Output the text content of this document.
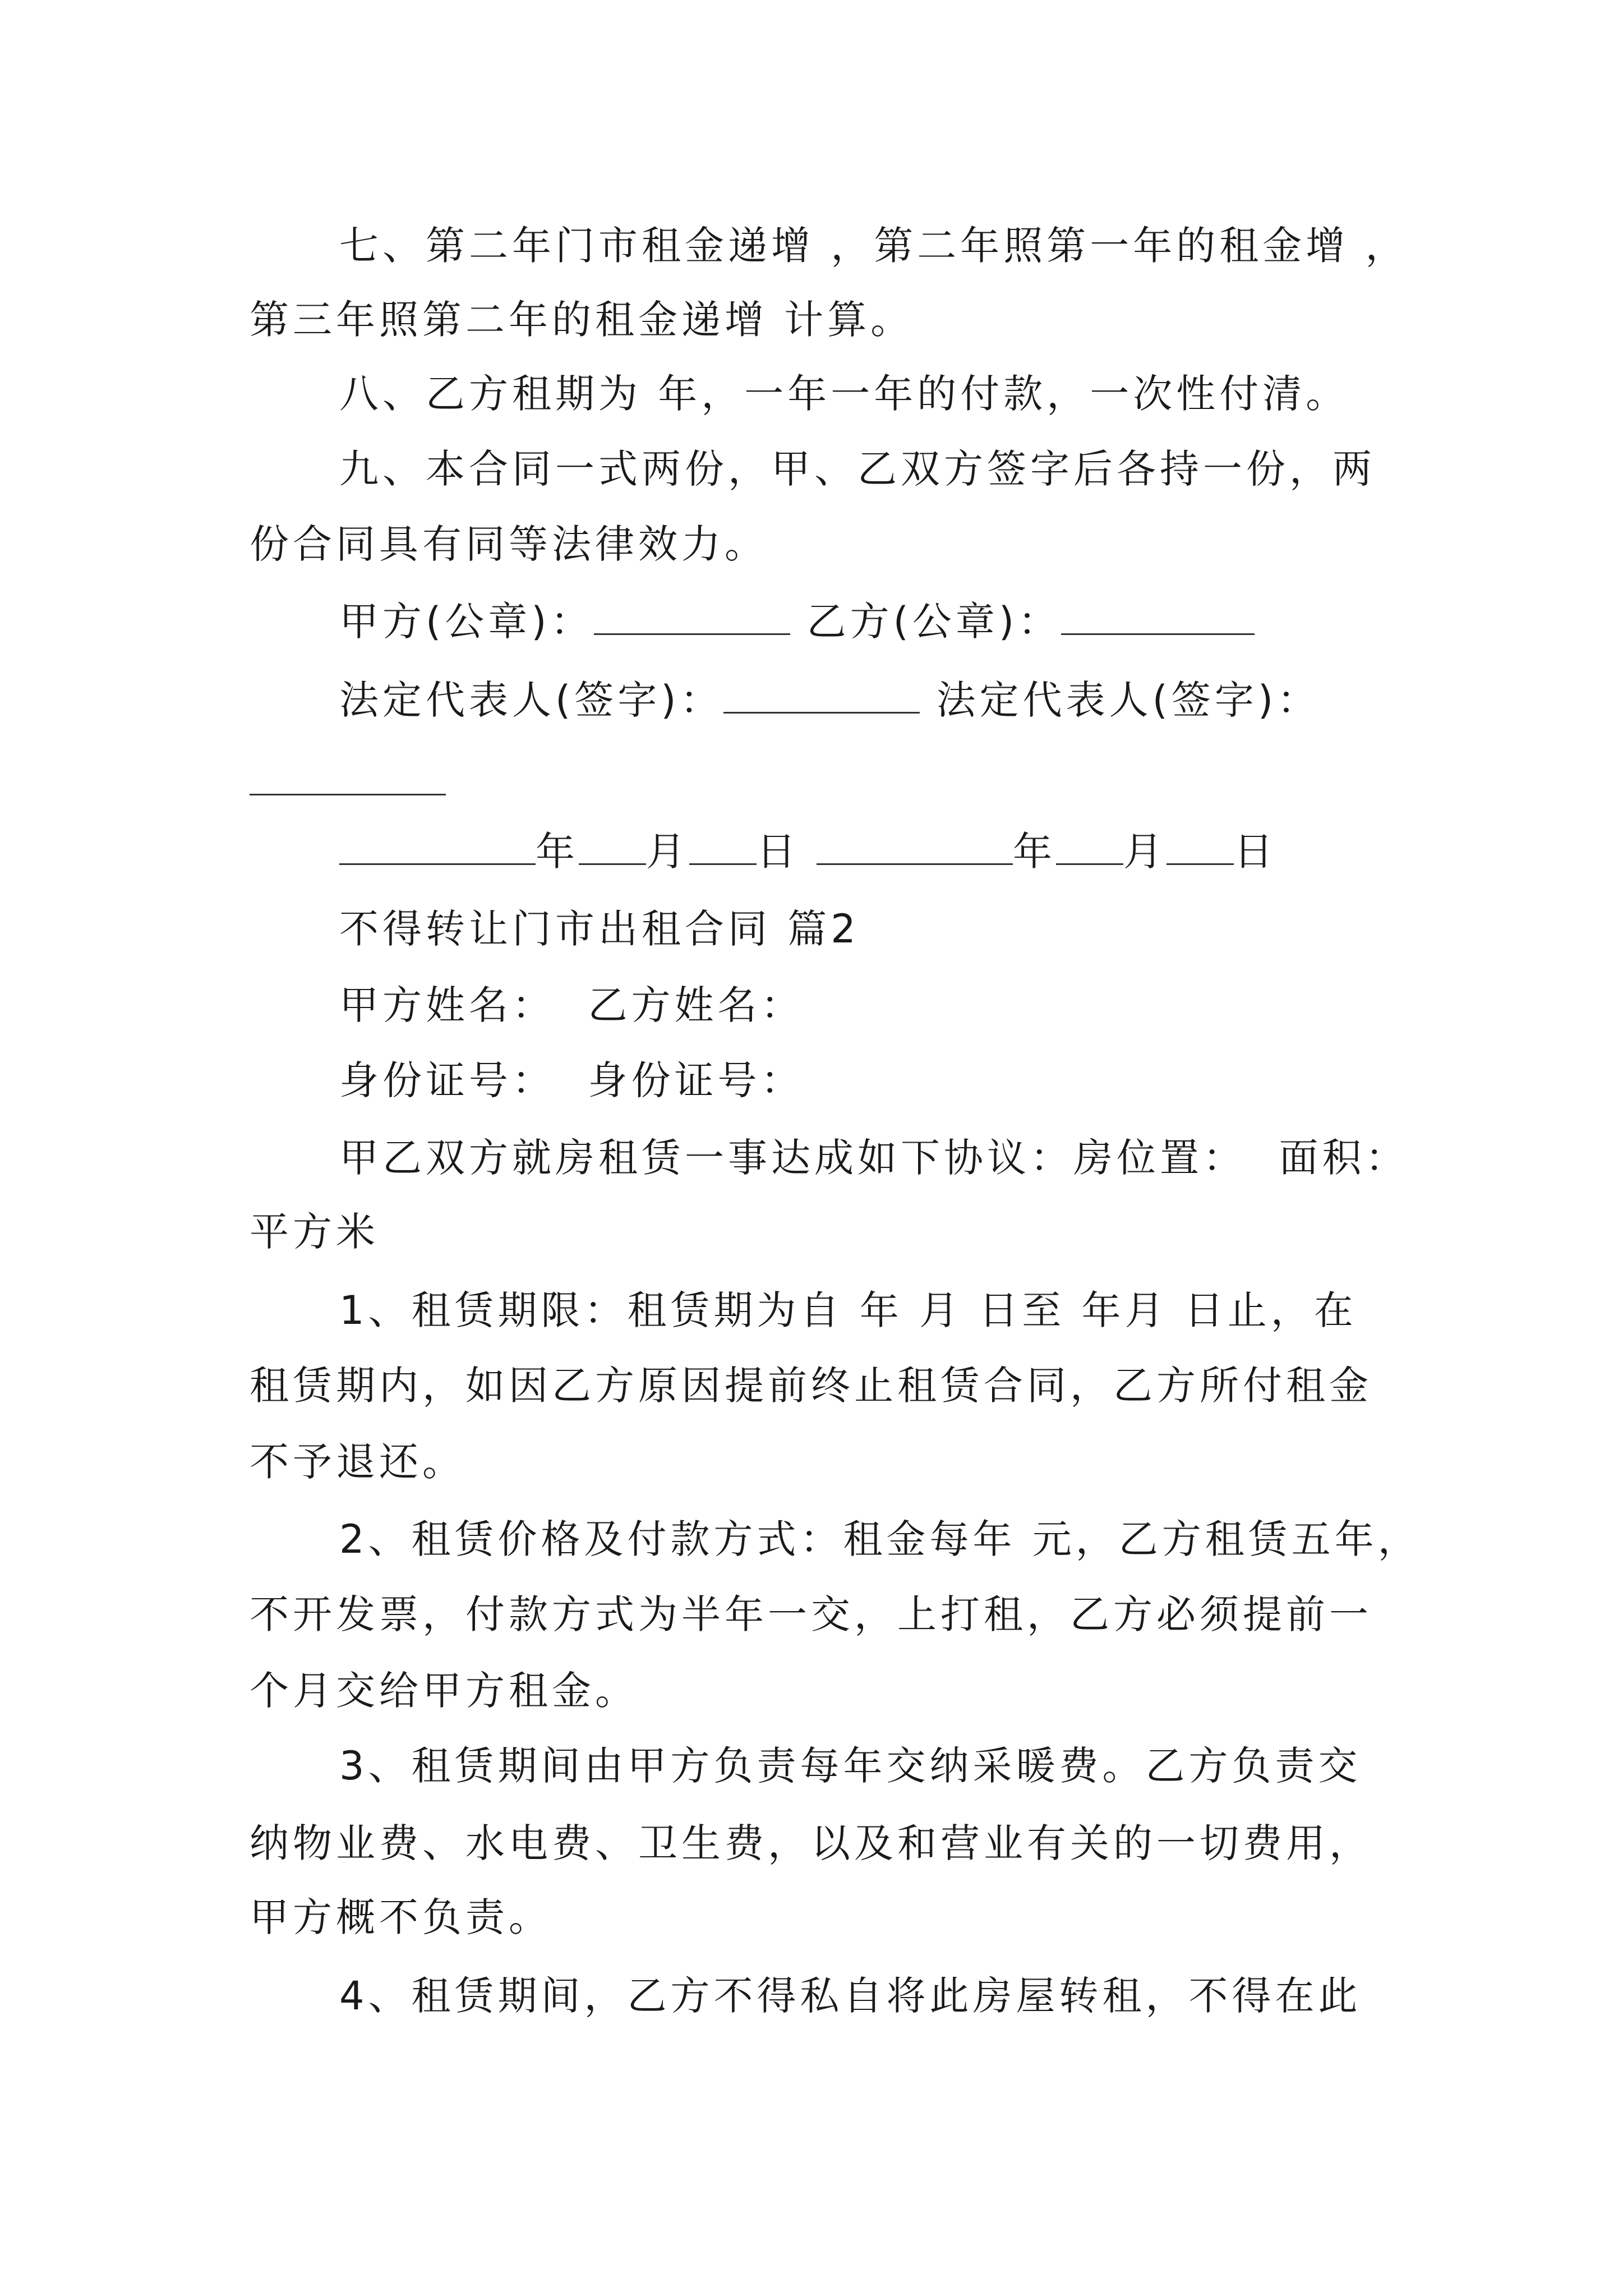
七、第二年门市租金递增 ，第二年照第一年的租金增 ，
第三年照第二年的租金递增 计算。
八、乙方租期为 年，一年一年的付款，一次性付清。
九、本合同一式两份，甲、乙双方签字后各持一份，两
份合同具有同等法律效力。
甲方(公章)：	乙方(公章)：
法定代表人(签字)：	法定代表人(签字)：
年 月 日	年 月 日
不得转让门市出租合同 篇2
甲方姓名：  乙方姓名：
身份证号：  身份证号：
甲乙双方就房租赁一事达成如下协议：房位置：  面积：
平方米
1、租赁期限：租赁期为自 年 月 日至 年月 日止，在
租赁期内，如因乙方原因提前终止租赁合同，乙方所付租金
不予退还。
2、租赁价格及付款方式：租金每年 元，乙方租赁五年，
不开发票，付款方式为半年一交，上打租，乙方必须提前一
个月交给甲方租金。
3、租赁期间由甲方负责每年交纳采暖费。乙方负责交
纳物业费、水电费、卫生费，以及和营业有关的一切费用，
甲方概不负责。
4、租赁期间，乙方不得私自将此房屋转租，不得在此
